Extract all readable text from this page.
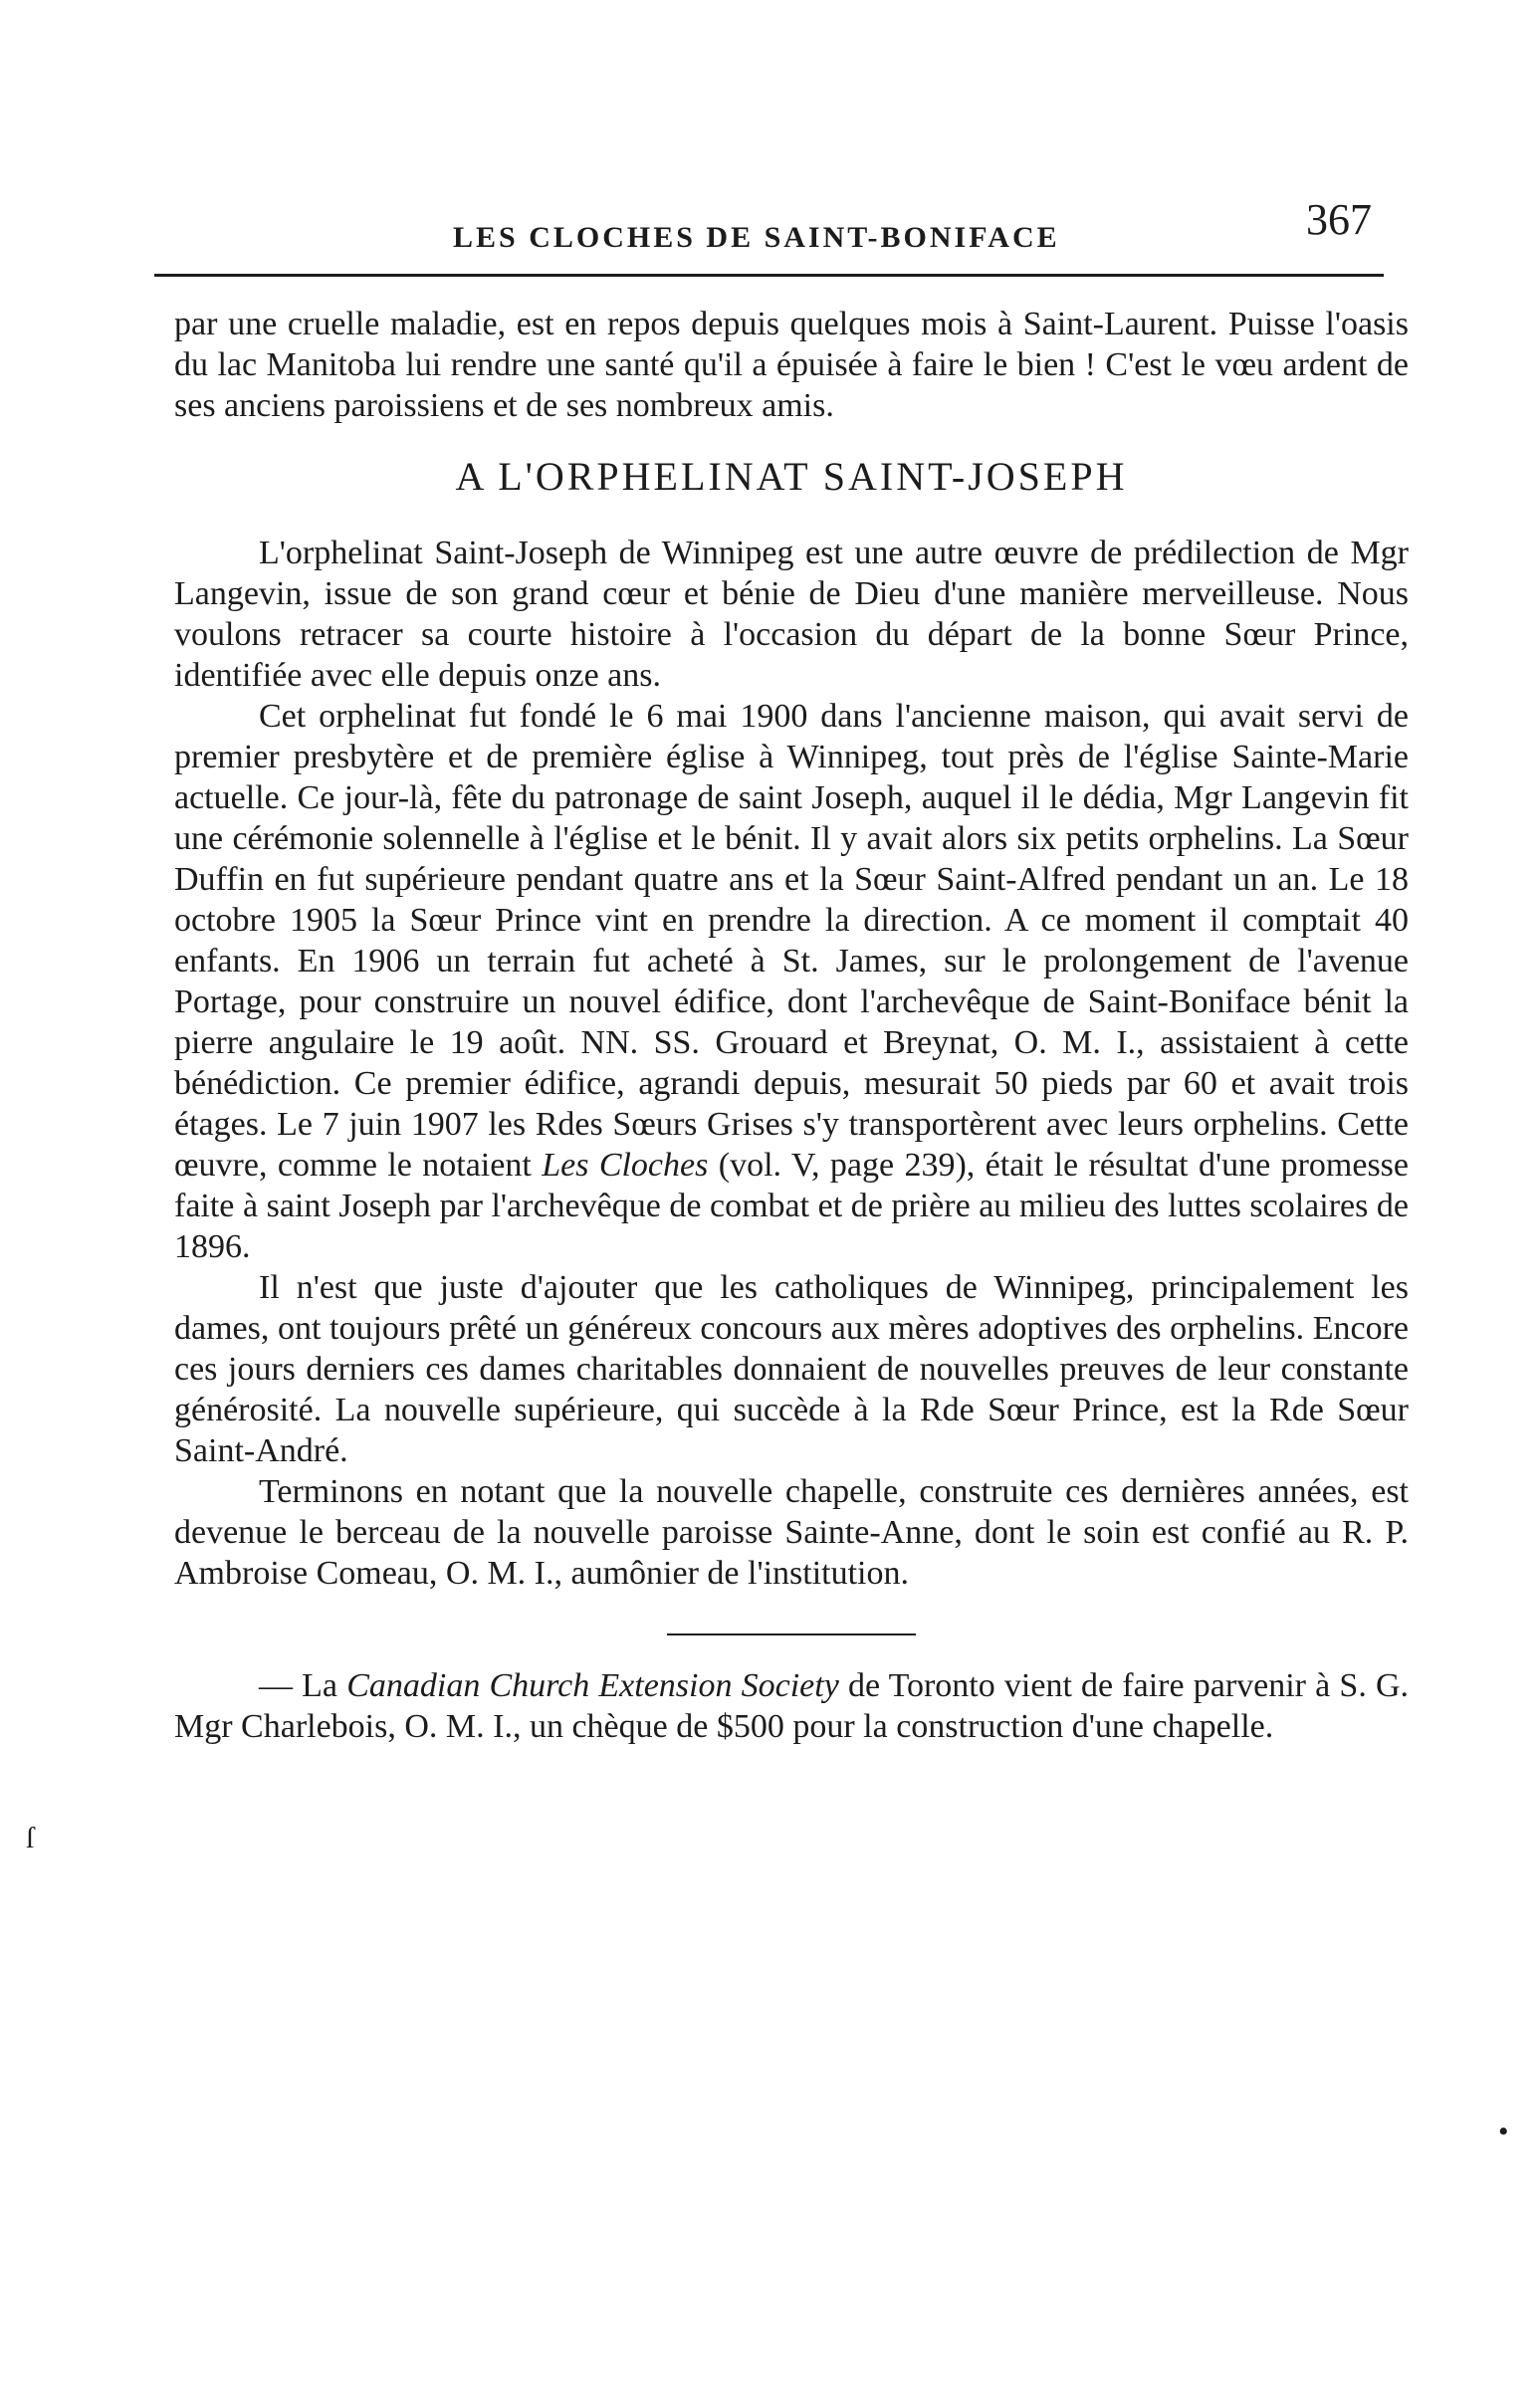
LES CLOCHES DE SAINT-BONIFACE	367

par une cruelle maladie, est en repos depuis quelques mois à Saint-Laurent. Puisse l'oasis du lac Manitoba lui rendre une santé qu'il a épuisée à faire le bien ! C'est le vœu ardent de ses anciens paroissiens et de ses nombreux amis.

A L'ORPHELINAT SAINT-JOSEPH

L'orphelinat Saint-Joseph de Winnipeg est une autre œuvre de prédilection de Mgr Langevin, issue de son grand cœur et bénie de Dieu d'une manière merveilleuse. Nous voulons retracer sa courte histoire à l'occasion du départ de la bonne Sœur Prince, identifiée avec elle depuis onze ans.

Cet orphelinat fut fondé le 6 mai 1900 dans l'ancienne maison, qui avait servi de premier presbytère et de première église à Winnipeg, tout près de l'église Sainte-Marie actuelle. Ce jour-là, fête du patronage de saint Joseph, auquel il le dédia, Mgr Langevin fit une cérémonie solennelle à l'église et le bénit. Il y avait alors six petits orphelins. La Sœur Duffin en fut supérieure pendant quatre ans et la Sœur Saint-Alfred pendant un an. Le 18 octobre 1905 la Sœur Prince vint en prendre la direction. A ce moment il comptait 40 enfants. En 1906 un terrain fut acheté à St. James, sur le prolongement de l'avenue Portage, pour construire un nouvel édifice, dont l'archevêque de Saint-Boniface bénit la pierre angulaire le 19 août. NN. SS. Grouard et Breynat, O. M. I., assistaient à cette bénédiction. Ce premier édifice, agrandi depuis, mesurait 50 pieds par 60 et avait trois étages. Le 7 juin 1907 les Rdes Sœurs Grises s'y transportèrent avec leurs orphelins. Cette œuvre, comme le notaient Les Cloches (vol. V, page 239), était le résultat d'une promesse faite à saint Joseph par l'archevêque de combat et de prière au milieu des luttes scolaires de 1896.

Il n'est que juste d'ajouter que les catholiques de Winnipeg, principalement les dames, ont toujours prêté un généreux concours aux mères adoptives des orphelins. Encore ces jours derniers ces dames charitables donnaient de nouvelles preuves de leur constante générosité. La nouvelle supérieure, qui succède à la Rde Sœur Prince, est la Rde Sœur Saint-André.

Terminons en notant que la nouvelle chapelle, construite ces dernières années, est devenue le berceau de la nouvelle paroisse Sainte-Anne, dont le soin est confié au R. P. Ambroise Comeau, O. M. I., aumônier de l'institution.

— La Canadian Church Extension Society de Toronto vient de faire parvenir à S. G. Mgr Charlebois, O. M. I., un chèque de $500 pour la construction d'une chapelle.

ſ
•
